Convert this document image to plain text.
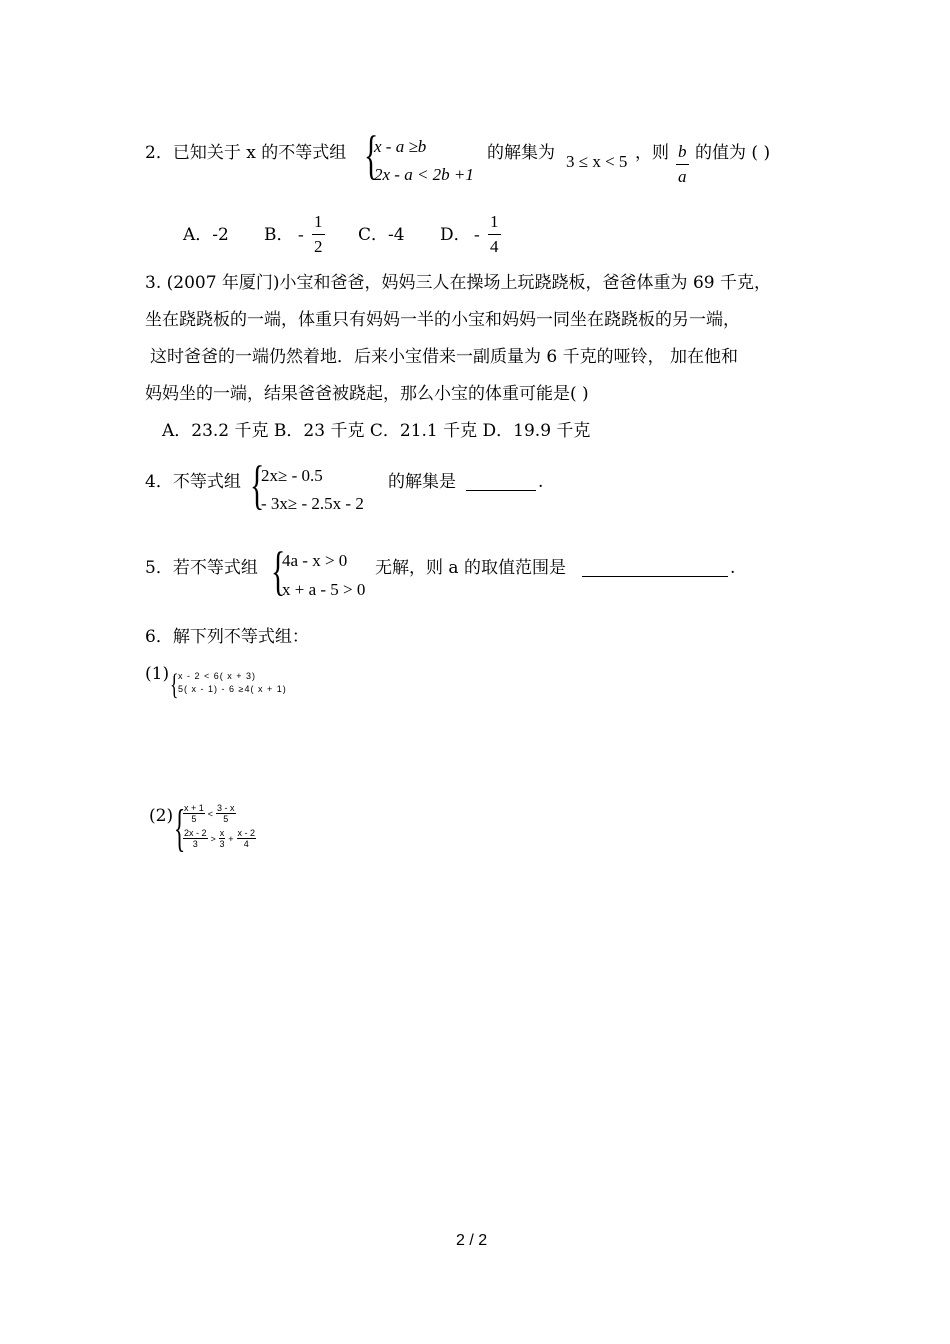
2．已知关于 x 的不等式组 {
x - a ≥b
2x - a < 2b +1
的解集为 3 ≤ x < 5 ，则 $\frac{b}{a}$ 的值为 ( )
A．-2 B． - $\frac{1}{2}$ C．-4 D． - $\frac{1}{4}$
3. (2007 年厦门)小宝和爸爸，妈妈三人在操场上玩跷跷板，爸爸体重为 69 千克，
坐在跷跷板的一端，体重只有妈妈一半的小宝和妈妈一同坐在跷跷板的另一端，
这时爸爸的一端仍然着地．后来小宝借来一副质量为 6 千克的哑铃， 加在他和
妈妈坐的一端，结果爸爸被跷起，那么小宝的体重可能是( )
A．23.2 千克 B．23 千克 C．21.1 千克 D．19.9 千克
4．不等式组 {
2x≥ - 0.5
- 3x≥ - 2.5x - 2
的解集是	.
5．若不等式组 {
4a - x > 0
x + a - 5 > 0
无解，则 a 的取值范围是	.
6．解下列不等式组：
(1) { x - 2 < 6( x + 3)
5( x - 1) - 6 ≥4( x + 1)
(2) {
$\frac{x + 1}{5} < \frac{3 - x}{5}$
$\frac{2x - 2}{3} > \frac{x}{3} + \frac{x - 2}{4}$
2 / 2
